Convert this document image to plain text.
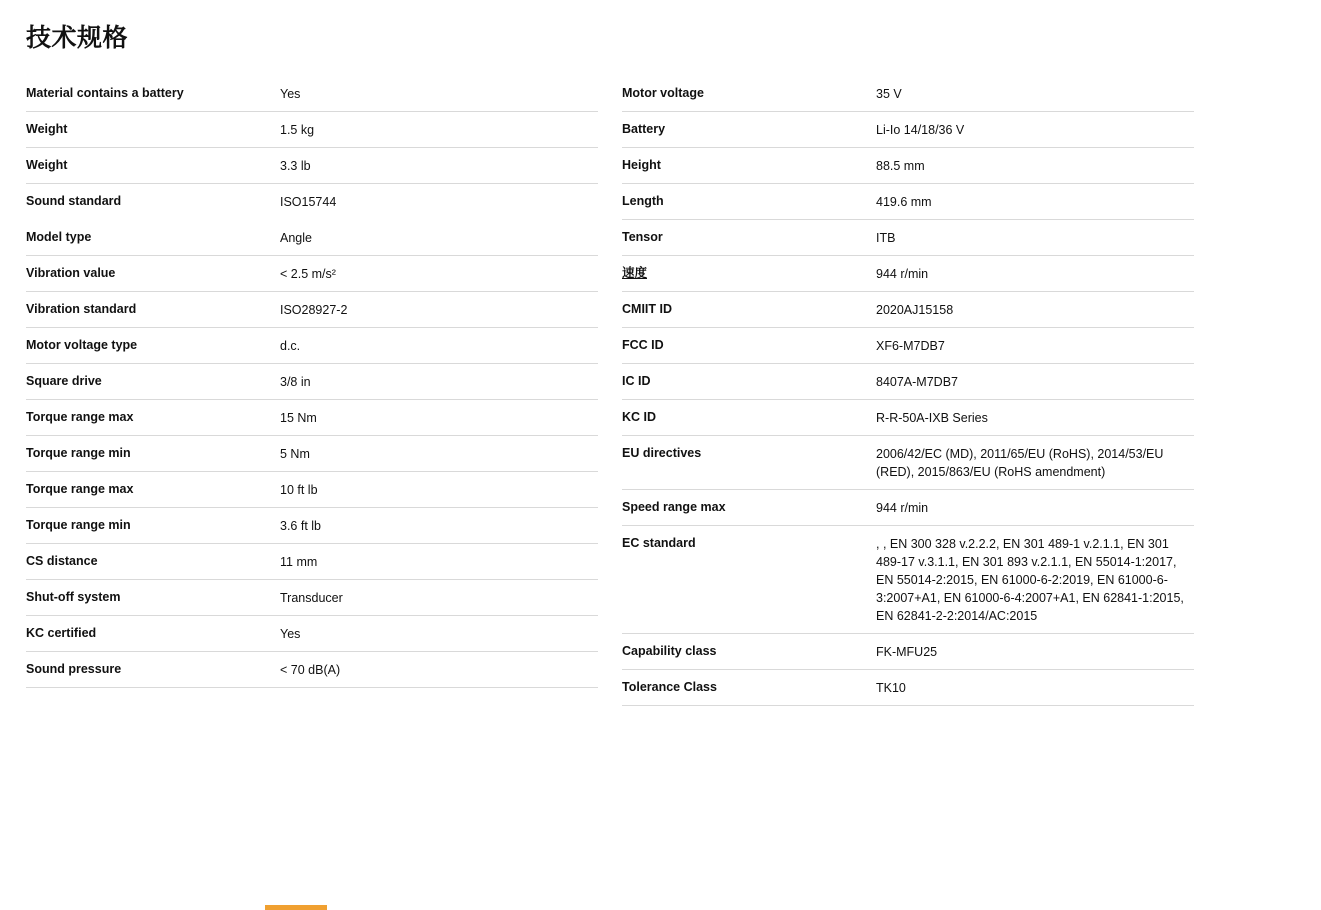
技术规格
Material contains a battery	Yes
Weight	1.5 kg
Weight	3.3 lb
Sound standard	ISO15744
Model type	Angle
Vibration value	< 2.5 m/s²
Vibration standard	ISO28927-2
Motor voltage type	d.c.
Square drive	3/8 in
Torque range max	15 Nm
Torque range min	5 Nm
Torque range max	10 ft lb
Torque range min	3.6 ft lb
CS distance	11 mm
Shut-off system	Transducer
KC certified	Yes
Sound pressure	< 70 dB(A)
Motor voltage	35 V
Battery	Li-Io 14/18/36 V
Height	88.5 mm
Length	419.6 mm
Tensor	ITB
速度	944 r/min
CMIIT ID	2020AJ15158
FCC ID	XF6-M7DB7
IC ID	8407A-M7DB7
KC ID	R-R-50A-IXB Series
EU directives	2006/42/EC (MD), 2011/65/EU (RoHS), 2014/53/EU (RED), 2015/863/EU (RoHS amendment)
Speed range max	944 r/min
EC standard	, , EN 300 328 v.2.2.2, EN 301 489-1 v.2.1.1, EN 301 489-17 v.3.1.1, EN 301 893 v.2.1.1, EN 55014-1:2017, EN 55014-2:2015, EN 61000-6-2:2019, EN 61000-6-3:2007+A1, EN 61000-6-4:2007+A1, EN 62841-1:2015, EN 62841-2-2:2014/AC:2015
Capability class	FK-MFU25
Tolerance Class	TK10
